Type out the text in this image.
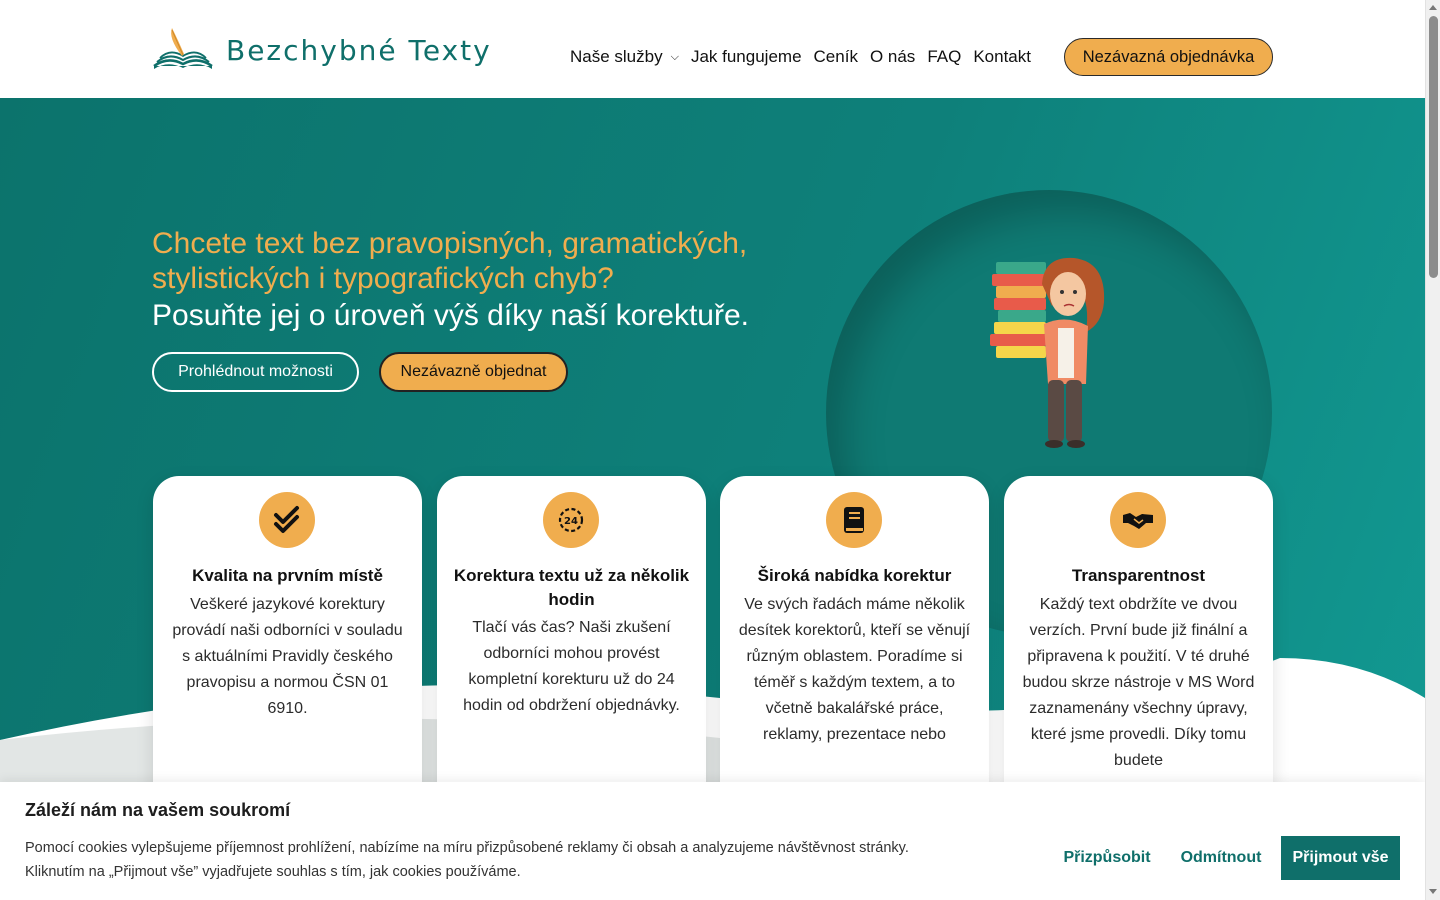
Bezchybné Texty	Naše služby ⌵ Jak fungujeme Ceník O nás FAQ Kontakt	Nezávazná objednávka
Chcete text bez pravopisných, gramatických, stylistických i typografických chyb?
Posuňte jej o úroveň výš díky naší korektuře.
Prohlédnout možnosti	Nezávazně objednat
Kvalita na prvním místě
Veškeré jazykové korektury provádí naši odborníci v souladu s aktuálními Pravidly českého pravopisu a normou ČSN 01 6910.
24
Korektura textu už za několik hodin
Tlačí vás čas? Naši zkušení odborníci mohou provést kompletní korekturu už do 24 hodin od obdržení objednávky.
Široká nabídka korektur
Ve svých řadách máme několik desítek korektorů, kteří se věnují různým oblastem. Poradíme si téměř s každým textem, a to včetně bakalářské práce, reklamy, prezentace nebo
Transparentnost
Každý text obdržíte ve dvou verzích. První bude již finální a připravena k použití. V té druhé budou skrze nástroje v MS Word zaznamenány všechny úpravy, které jsme provedli. Díky tomu budete
Záleží nám na vašem soukromí
Pomocí cookies vylepšujeme příjemnost prohlížení, nabízíme na míru přizpůsobené reklamy či obsah a analyzujeme návštěvnost stránky.
Kliknutím na „Přijmout vše” vyjadřujete souhlas s tím, jak cookies používáme.
Přizpůsobit	Odmítnout	Přijmout vše
